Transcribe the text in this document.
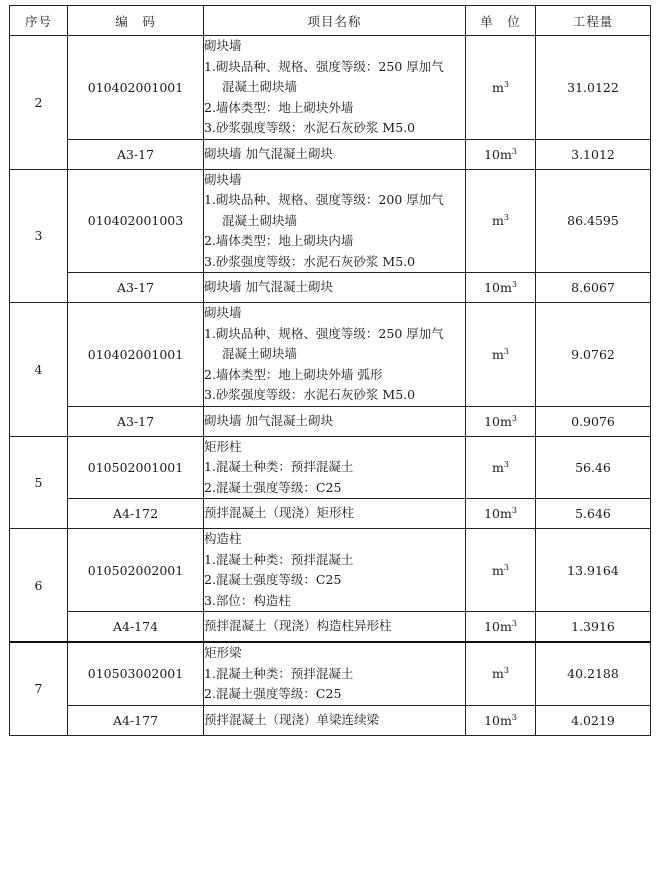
序号	编　码	项目名称	单　位	工程量
2	010402001001	砌块墙
1.砌块品种、规格、强度等级：250 厚加气
混凝土砌块墙
2.墙体类型：地上砌块外墙
3.砂浆强度等级：水泥石灰砂浆 M5.0	$m^3$	31.0122
	A3-17	砌块墙 加气混凝土砌块	$10m^3$	3.1012
3	010402001003	砌块墙
1.砌块品种、规格、强度等级：200 厚加气
混凝土砌块墙
2.墙体类型：地上砌块内墙
3.砂浆强度等级：水泥石灰砂浆 M5.0	$m^3$	86.4595
	A3-17	砌块墙 加气混凝土砌块	$10m^3$	8.6067
4	010402001001	砌块墙
1.砌块品种、规格、强度等级：250 厚加气
混凝土砌块墙
2.墙体类型：地上砌块外墙 弧形
3.砂浆强度等级：水泥石灰砂浆 M5.0	$m^3$	9.0762
	A3-17	砌块墙 加气混凝土砌块	$10m^3$	0.9076
5	010502001001	矩形柱
1.混凝土种类：预拌混凝土
2.混凝土强度等级：C25	$m^3$	56.46
	A4-172	预拌混凝土（现浇）矩形柱	$10m^3$	5.646
6	010502002001	构造柱
1.混凝土种类：预拌混凝土
2.混凝土强度等级：C25
3.部位：构造柱	$m^3$	13.9164
	A4-174	预拌混凝土（现浇）构造柱异形柱	$10m^3$	1.3916
7	010503002001	矩形梁
1.混凝土种类：预拌混凝土
2.混凝土强度等级：C25	$m^3$	40.2188
	A4-177	预拌混凝土（现浇）单梁连续梁	$10m^3$	4.0219
